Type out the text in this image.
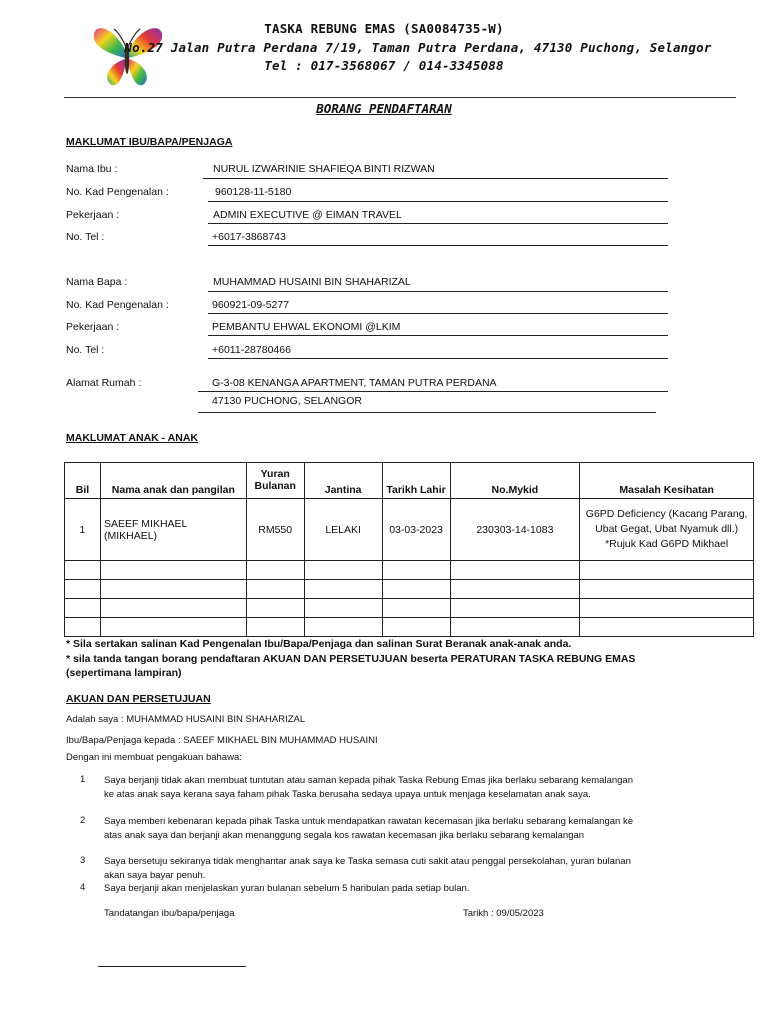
TASKA REBUNG EMAS (SA0084735-W)
No.27 Jalan Putra Perdana 7/19, Taman Putra Perdana, 47130 Puchong, Selangor
Tel : 017-3568067 / 014-3345088
BORANG PENDAFTARAN
MAKLUMAT IBU/BAPA/PENJAGA
Nama Ibu :	NURUL IZWARINIE SHAFIEQA BINTI RIZWAN
No. Kad Pengenalan :	960128-11-5180
Pekerjaan :	ADMIN EXECUTIVE @ EIMAN TRAVEL
No. Tel :	+6017-3868743
Nama Bapa :	MUHAMMAD HUSAINI BIN SHAHARIZAL
No. Kad Pengenalan :	960921-09-5277
Pekerjaan :	PEMBANTU EHWAL EKONOMI @LKIM
No. Tel :	+6011-28780466
Alamat Rumah :	G-3-08 KENANGA APARTMENT, TAMAN PUTRA PERDANA
47130 PUCHONG, SELANGOR
MAKLUMAT ANAK - ANAK
Bil	Nama anak dan pangilan	Yuran Bulanan	Jantina	Tarikh Lahir	No.Mykid	Masalah Kesihatan
1	SAEEF MIKHAEL (MIKHAEL)	RM550	LELAKI	03-03-2023	230303-14-1083	G6PD Deficiency (Kacang Parang, Ubat Gegat, Ubat Nyamuk dll.)
*Rujuk Kad G6PD Mikhael

* Sila sertakan salinan Kad Pengenalan Ibu/Bapa/Penjaga dan salinan Surat Beranak anak-anak anda.
* sila tanda tangan borang pendaftaran AKUAN DAN PERSETUJUAN beserta PERATURAN TASKA REBUNG EMAS
(sepertimana lampiran)
AKUAN DAN PERSETUJUAN
Adalah saya : MUHAMMAD HUSAINI BIN SHAHARIZAL
Ibu/Bapa/Penjaga kepada : SAEEF MIKHAEL BIN MUHAMMAD HUSAINI
Dengan ini membuat pengakuan bahawa:
1 Saya berjanji tidak akan membuat tuntutan atau saman kepada pihak Taska Rebung Emas jika berlaku sebarang kemalangan ke atas anak saya kerana saya faham pihak Taska berusaha sedaya upaya untuk menjaga keselamatan anak saya.
2 Saya memberi kebenaran kepada pihak Taska untuk mendapatkan rawatan kecemasan jika berlaku sebarang kemalangan ke atas anak saya dan berjanji akan menanggung segala kos rawatan kecemasan jika berlaku sebarang kemalangan
3 Saya bersetuju sekiranya tidak menghantar anak saya ke Taska semasa cuti sakit atau penggal persekolahan, yuran bulanan akan saya bayar penuh.
4 Saya berjanji akan menjelaskan yuran bulanan sebelum 5 haribulan pada setiap bulan.
Tandatangan ibu/bapa/penjaga	Tarikh : 09/05/2023
